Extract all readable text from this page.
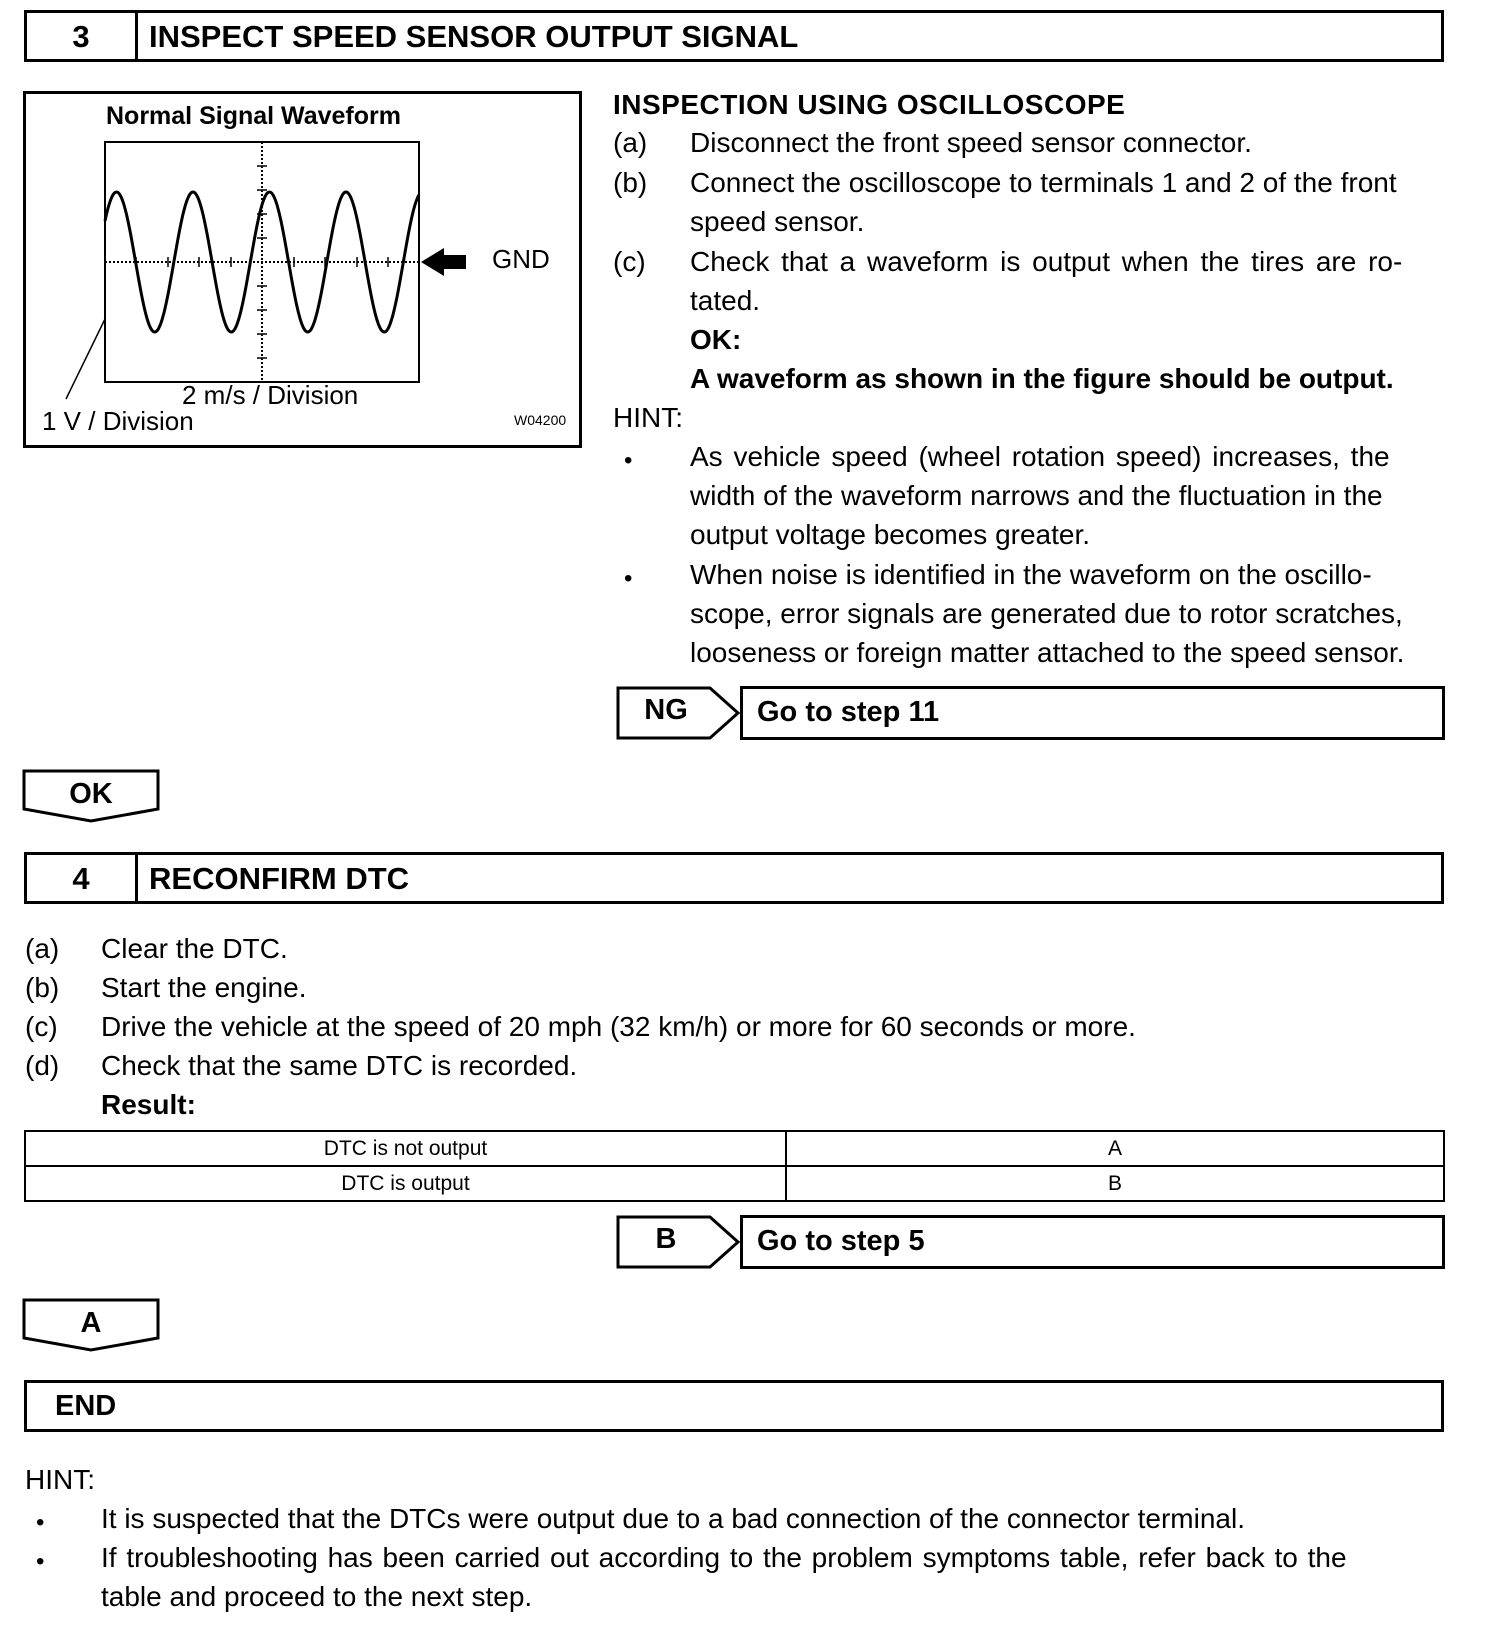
3	INSPECT SPEED SENSOR OUTPUT SIGNAL
Normal Signal Waveform
GND
2 m/s / Division
1 V / Division	W04200
INSPECTION USING OSCILLOSCOPE
(a) Disconnect the front speed sensor connector.
(b) Connect the oscilloscope to terminals 1 and 2 of the front
speed sensor.
(c) Check that a waveform is output when the tires are ro-
tated.
OK:
A waveform as shown in the figure should be output.
HINT:
• As vehicle speed (wheel rotation speed) increases, the
width of the waveform narrows and the fluctuation in the
output voltage becomes greater.
• When noise is identified in the waveform on the oscillo-
scope, error signals are generated due to rotor scratches,
looseness or foreign matter attached to the speed sensor.
NG	Go to step 11
OK
4	RECONFIRM DTC
(a) Clear the DTC.
(b) Start the engine.
(c) Drive the vehicle at the speed of 20 mph (32 km/h) or more for 60 seconds or more.
(d) Check that the same DTC is recorded.
Result:
DTC is not output	A
DTC is output	B
B	Go to step 5
A
END
HINT:
• It is suspected that the DTCs were output due to a bad connection of the connector terminal.
• If troubleshooting has been carried out according to the problem symptoms table, refer back to the
table and proceed to the next step.
